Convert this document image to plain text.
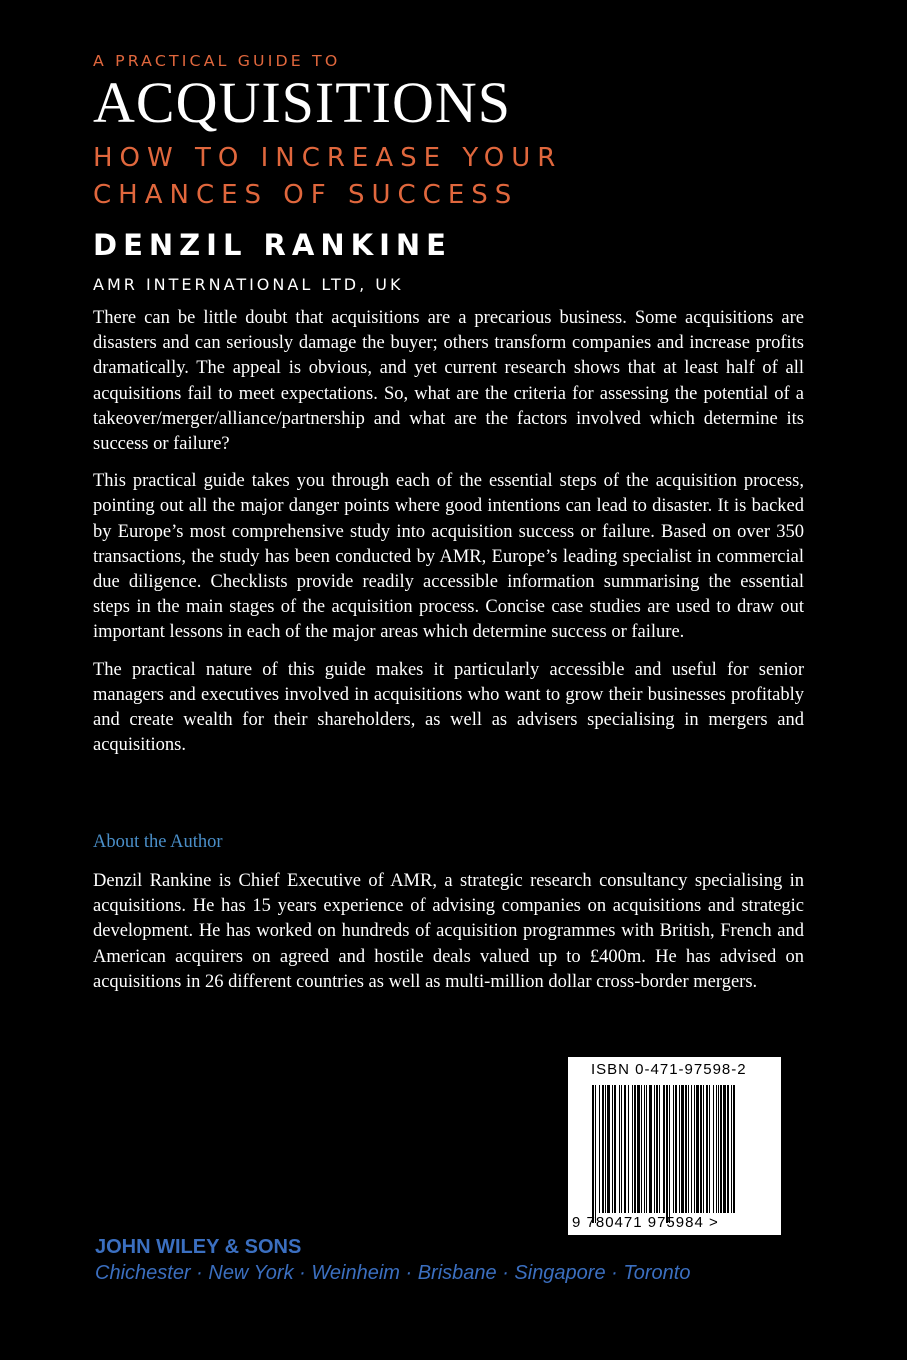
A PRACTICAL GUIDE TO
ACQUISITIONS
HOW TO INCREASE YOUR
CHANCES OF SUCCESS
DENZIL RANKINE
AMR INTERNATIONAL LTD, UK

There can be little doubt that acquisitions are a precarious business. Some acquisitions are disasters and can seriously damage the buyer; others transform companies and increase profits dramatically. The appeal is obvious, and yet current research shows that at least half of all acquisitions fail to meet expectations. So, what are the criteria for assessing the potential of a takeover/merger/alliance/partnership and what are the factors involved which determine its success or failure?

This practical guide takes you through each of the essential steps of the acquisition process, pointing out all the major danger points where good intentions can lead to disaster. It is backed by Europe’s most comprehensive study into acquisition success or failure. Based on over 350 transactions, the study has been conducted by AMR, Europe’s leading specialist in commercial due diligence. Checklists provide readily accessible information summarising the essential steps in the main stages of the acquisition process. Concise case studies are used to draw out important lessons in each of the major areas which determine success or failure.

The practical nature of this guide makes it particularly accessible and useful for senior managers and executives involved in acquisitions who want to grow their businesses profitably and create wealth for their shareholders, as well as advisers specialising in mergers and acquisitions.

About the Author

Denzil Rankine is Chief Executive of AMR, a strategic research consultancy specialising in acquisitions. He has 15 years experience of advising companies on acquisitions and strategic development. He has worked on hundreds of acquisition programmes with British, French and American acquirers on agreed and hostile deals valued up to £400m. He has advised on acquisitions in 26 different countries as well as multi-million dollar cross-border mergers.

ISBN 0-471-97598-2
9 780471 975984 >
JOHN WILEY & SONS
Chichester · New York · Weinheim · Brisbane · Singapore · Toronto
